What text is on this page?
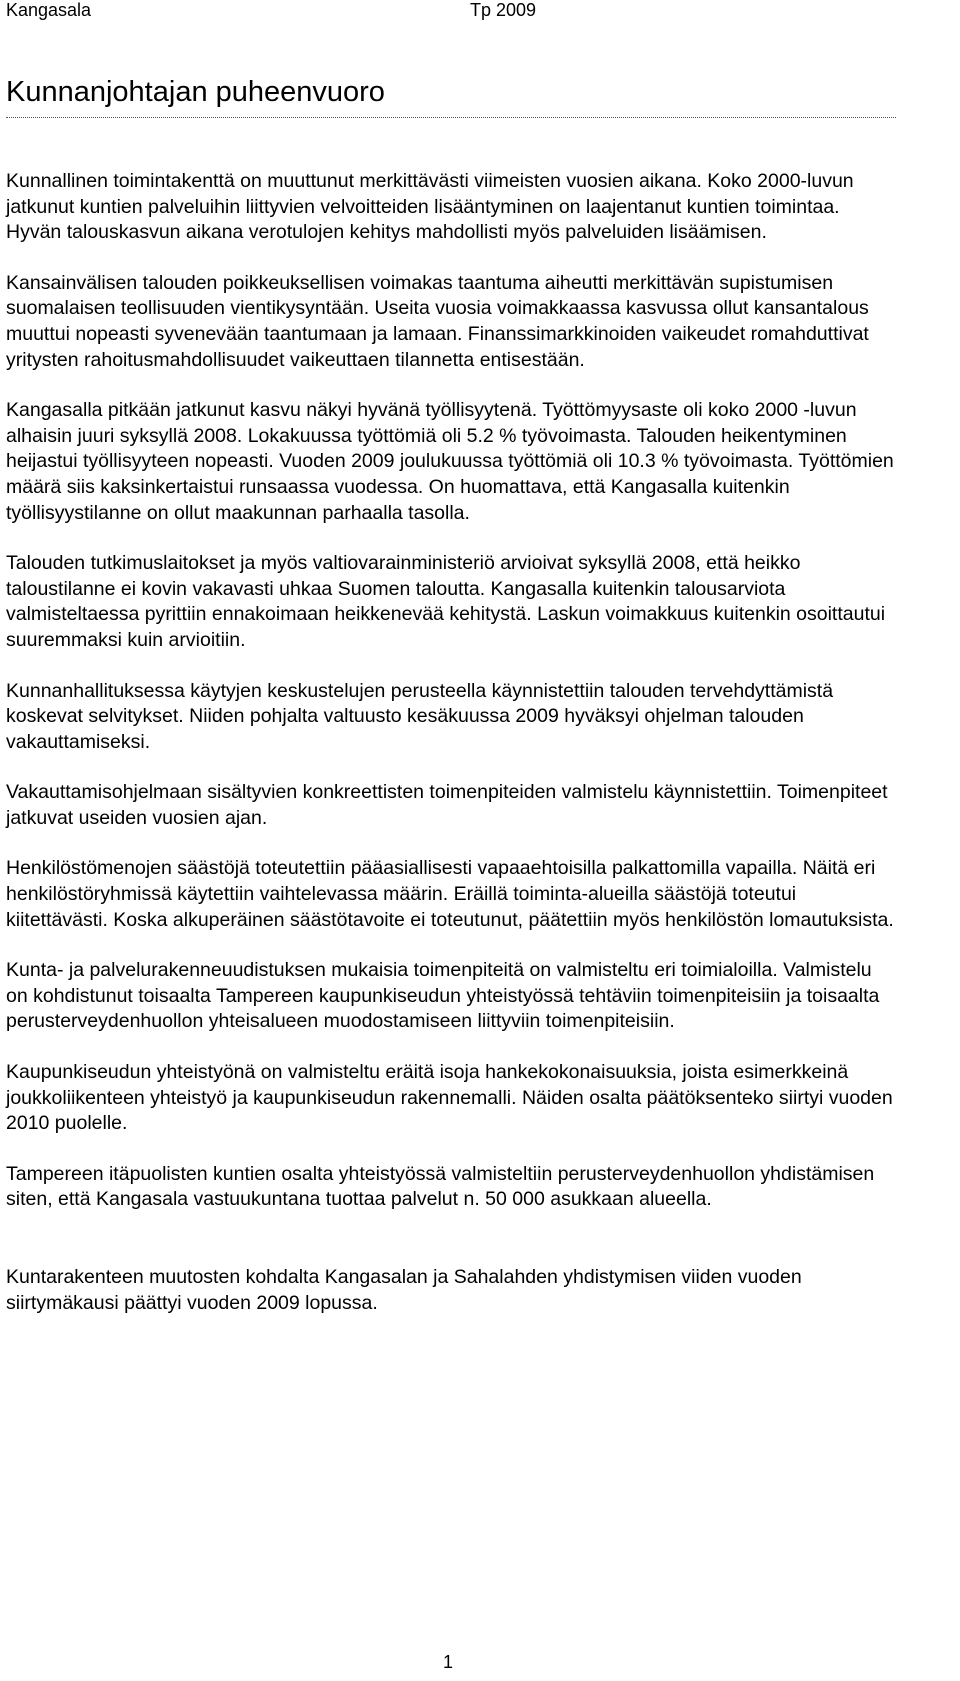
Kangasala	Tp 2009
Kunnanjohtajan puheenvuoro

Kunnallinen toimintakenttä on muuttunut merkittävästi viimeisten vuosien aikana. Koko 2000-luvun jatkunut kuntien palveluihin liittyvien velvoitteiden lisääntyminen on laajentanut kuntien toimintaa. Hyvän talouskasvun aikana verotulojen kehitys mahdollisti myös palveluiden lisäämisen.

Kansainvälisen talouden poikkeuksellisen voimakas taantuma aiheutti merkittävän supistumisen suomalaisen teollisuuden vientikysyntään. Useita vuosia voimakkaassa kasvussa ollut kansantalous muuttui nopeasti syvenevään taantumaan ja lamaan. Finanssimarkkinoiden vaikeudet romahduttivat yritysten rahoitusmahdollisuudet vaikeuttaen tilannetta entisestään.

Kangasalla pitkään jatkunut kasvu näkyi hyvänä työllisyytenä. Työttömyysaste oli koko 2000 -luvun alhaisin juuri syksyllä 2008. Lokakuussa työttömiä oli 5.2 % työvoimasta. Talouden heikentyminen heijastui työllisyyteen nopeasti. Vuoden 2009 joulukuussa työttömiä oli 10.3 % työvoimasta. Työttömien määrä siis kaksinkertaistui runsaassa vuodessa. On huomattava, että Kangasalla kuitenkin työllisyystilanne on ollut maakunnan parhaalla tasolla.

Talouden tutkimuslaitokset ja myös valtiovarainministeriö arvioivat syksyllä 2008, että heikko taloustilanne ei kovin vakavasti uhkaa Suomen taloutta. Kangasalla kuitenkin talousarviota valmisteltaessa pyrittiin ennakoimaan heikkenevää kehitystä. Laskun voimakkuus kuitenkin osoittautui suuremmaksi kuin arvioitiin.

Kunnanhallituksessa käytyjen keskustelujen perusteella käynnistettiin talouden tervehdyttämistä koskevat selvitykset. Niiden pohjalta valtuusto kesäkuussa 2009 hyväksyi ohjelman talouden vakauttamiseksi.

Vakauttamisohjelmaan sisältyvien konkreettisten toimenpiteiden valmistelu käynnistettiin. Toimenpiteet jatkuvat useiden vuosien ajan.

Henkilöstömenojen säästöjä toteutettiin pääasiallisesti vapaaehtoisilla palkattomilla vapailla. Näitä eri henkilöstöryhmissä käytettiin vaihtelevassa määrin. Eräillä toiminta-alueilla säästöjä toteutui kiitettävästi. Koska alkuperäinen säästötavoite ei toteutunut, päätettiin myös henkilöstön lomautuksista.

Kunta- ja palvelurakenneuudistuksen mukaisia toimenpiteitä on valmisteltu eri toimialoilla. Valmistelu on kohdistunut toisaalta Tampereen kaupunkiseudun yhteistyössä tehtäviin toimenpiteisiin ja toisaalta perusterveydenhuollon yhteisalueen muodostamiseen liittyviin toimenpiteisiin.

Kaupunkiseudun yhteistyönä on valmisteltu eräitä isoja hankekokonaisuuksia, joista esimerkkeinä joukkoliikenteen yhteistyö ja kaupunkiseudun rakennemalli. Näiden osalta päätöksenteko siirtyi vuoden 2010 puolelle.

Tampereen itäpuolisten kuntien osalta yhteistyössä valmisteltiin perusterveydenhuollon yhdistämisen siten, että Kangasala vastuukuntana tuottaa palvelut n. 50 000 asukkaan alueella.

Kuntarakenteen muutosten kohdalta Kangasalan ja Sahalahden yhdistymisen viiden vuoden siirtymäkausi päättyi vuoden 2009 lopussa.

1
